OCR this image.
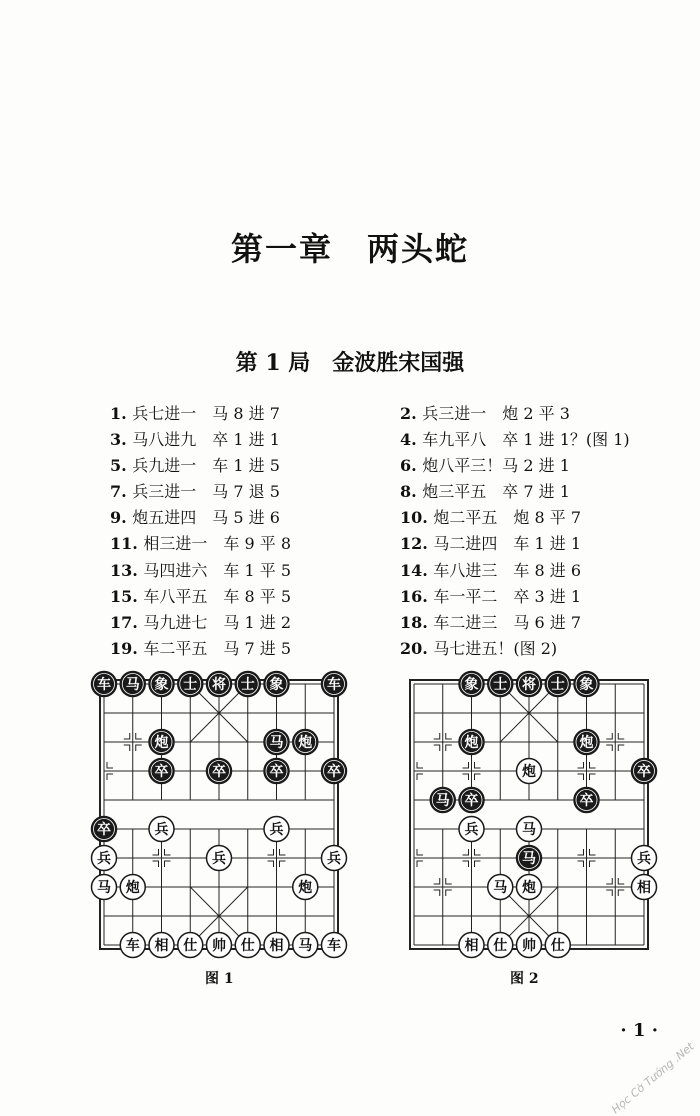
第一章　两头蛇
第 1 局　金波胜宋国强
1. 兵七进一　马 8 进 7
3. 马八进九　卒 1 进 1
5. 兵九进一　车 1 进 5
7. 兵三进一　马 7 退 5
9. 炮五进四　马 5 进 6
11. 相三进一　车 9 平 8
13. 马四进六　车 1 平 5
15. 车八平五　车 8 平 5
17. 马九进七　马 1 进 2
19. 车二平五　马 7 进 5
2. 兵三进一　炮 2 平 3
4. 车九平八　卒 1 进 1？(图 1)
6. 炮八平三！马 2 进 1
8. 炮三平五　卒 7 进 1
10. 炮二平五　炮 8 平 7
12. 马二进四　车 1 进 1
14. 车八进三　车 8 进 6
16. 车一平二　卒 3 进 1
18. 车二进三　马 6 进 7
20. 马七进五！(图 2)
车 马 象 士 将 士 象	车
炮	马 炮
卒	卒	卒	卒
卒	兵	兵
兵	兵	兵
马 炮	炮
车 相 仕 帅 仕 相 马 车
象 士 将 士 象
炮	炮
炮	卒
马 卒	卒
兵	马
马	兵
马 炮	相
相 仕 帅 仕
图 1	图 2
· 1 ·
Học Cờ Tướng .Net
